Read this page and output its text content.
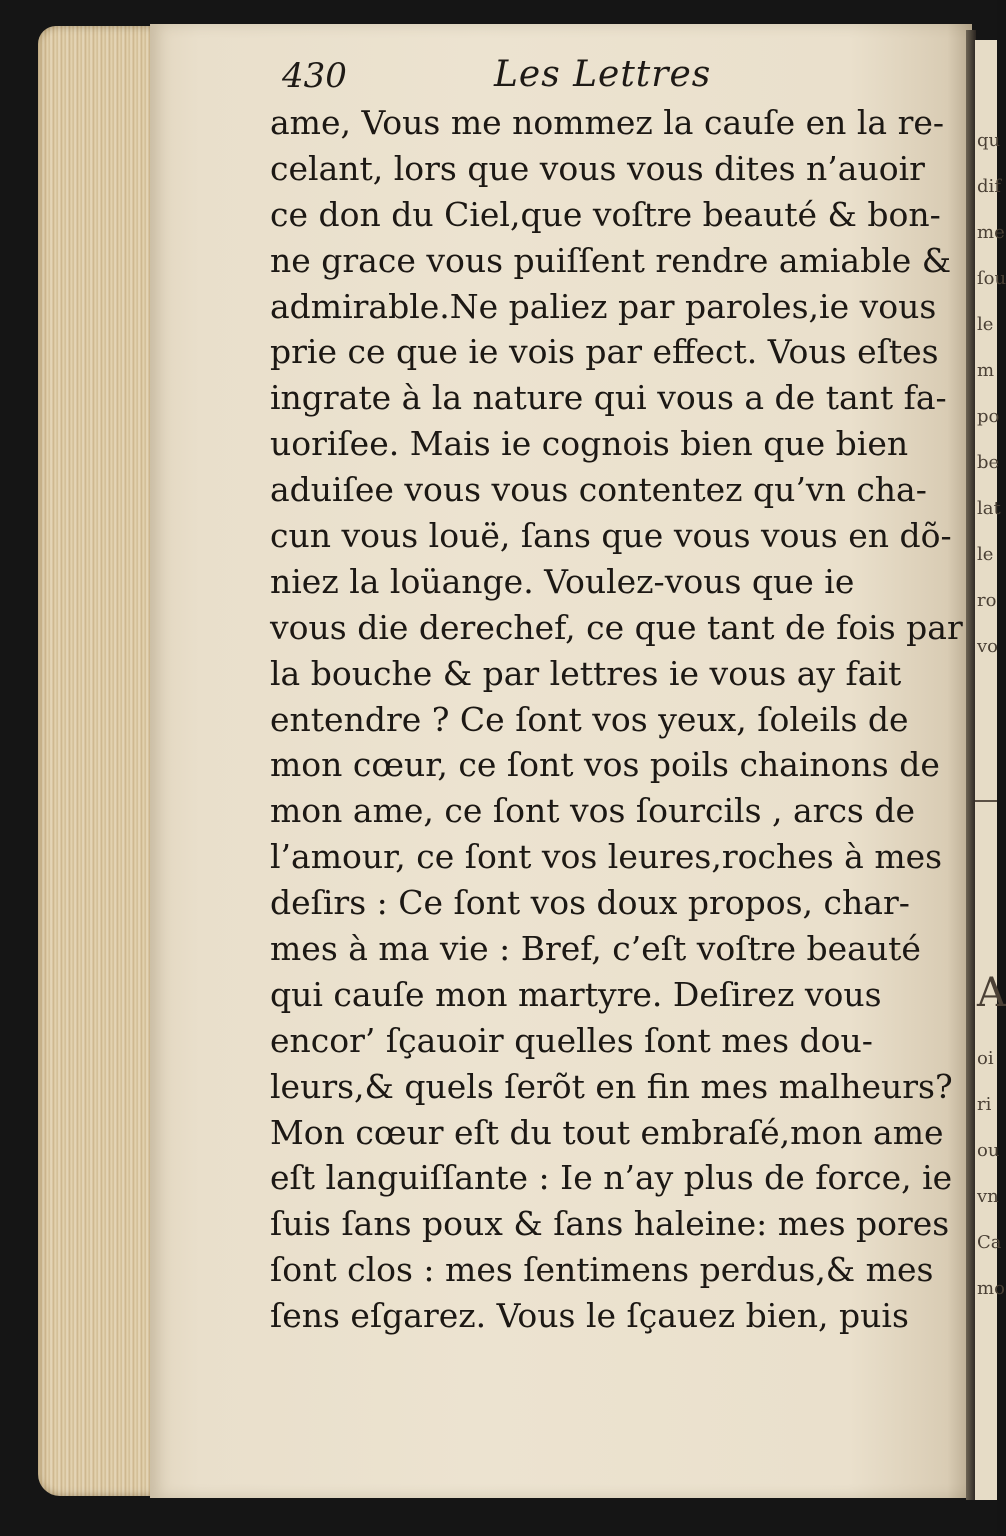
430	Les Lettres
ame, Vous me nommez la cauſe en la re-
celant, lors que vous vous dites n’auoir
ce don du Ciel,que voſtre beauté & bon-
ne grace vous puiſſent rendre amiable &
admirable.Ne paliez par paroles,ie vous
prie ce que ie vois par effect. Vous eſtes
ingrate à la nature qui vous a de tant fa-
uoriſee. Mais ie cognois bien que bien
aduiſee vous vous contentez qu’vn cha-
cun vous louë, ſans que vous vous en dõ-
niez la loüange. Voulez-vous que ie
vous die derechef, ce que tant de fois par
la bouche & par lettres ie vous ay fait
entendre ? Ce ſont vos yeux, ſoleils de
mon cœur, ce ſont vos poils chainons de
mon ame, ce ſont vos ſourcils , arcs de
l’amour, ce ſont vos leures,roches à mes
deſirs : Ce ſont vos doux propos, char-
mes à ma vie : Bref, c’eſt voſtre beauté
qui cauſe mon martyre. Deſirez vous
encor’ ſçauoir quelles ſont mes dou-
leurs,& quels ſerõt en fin mes malheurs?
Mon cœur eſt du tout embraſé,mon ame
eſt languiſſante : Ie n’ay plus de force, ie
ſuis ſans poux & ſans haleine: mes pores
ſont clos : mes ſentimens perdus,& mes
ſens eſgarez. Vous le ſçauez bien, puis
qu
dif
me
ſou
le
m
po
be
lat
le
ro
vo
A
oi
ri
ou
vn
Ca
mo
